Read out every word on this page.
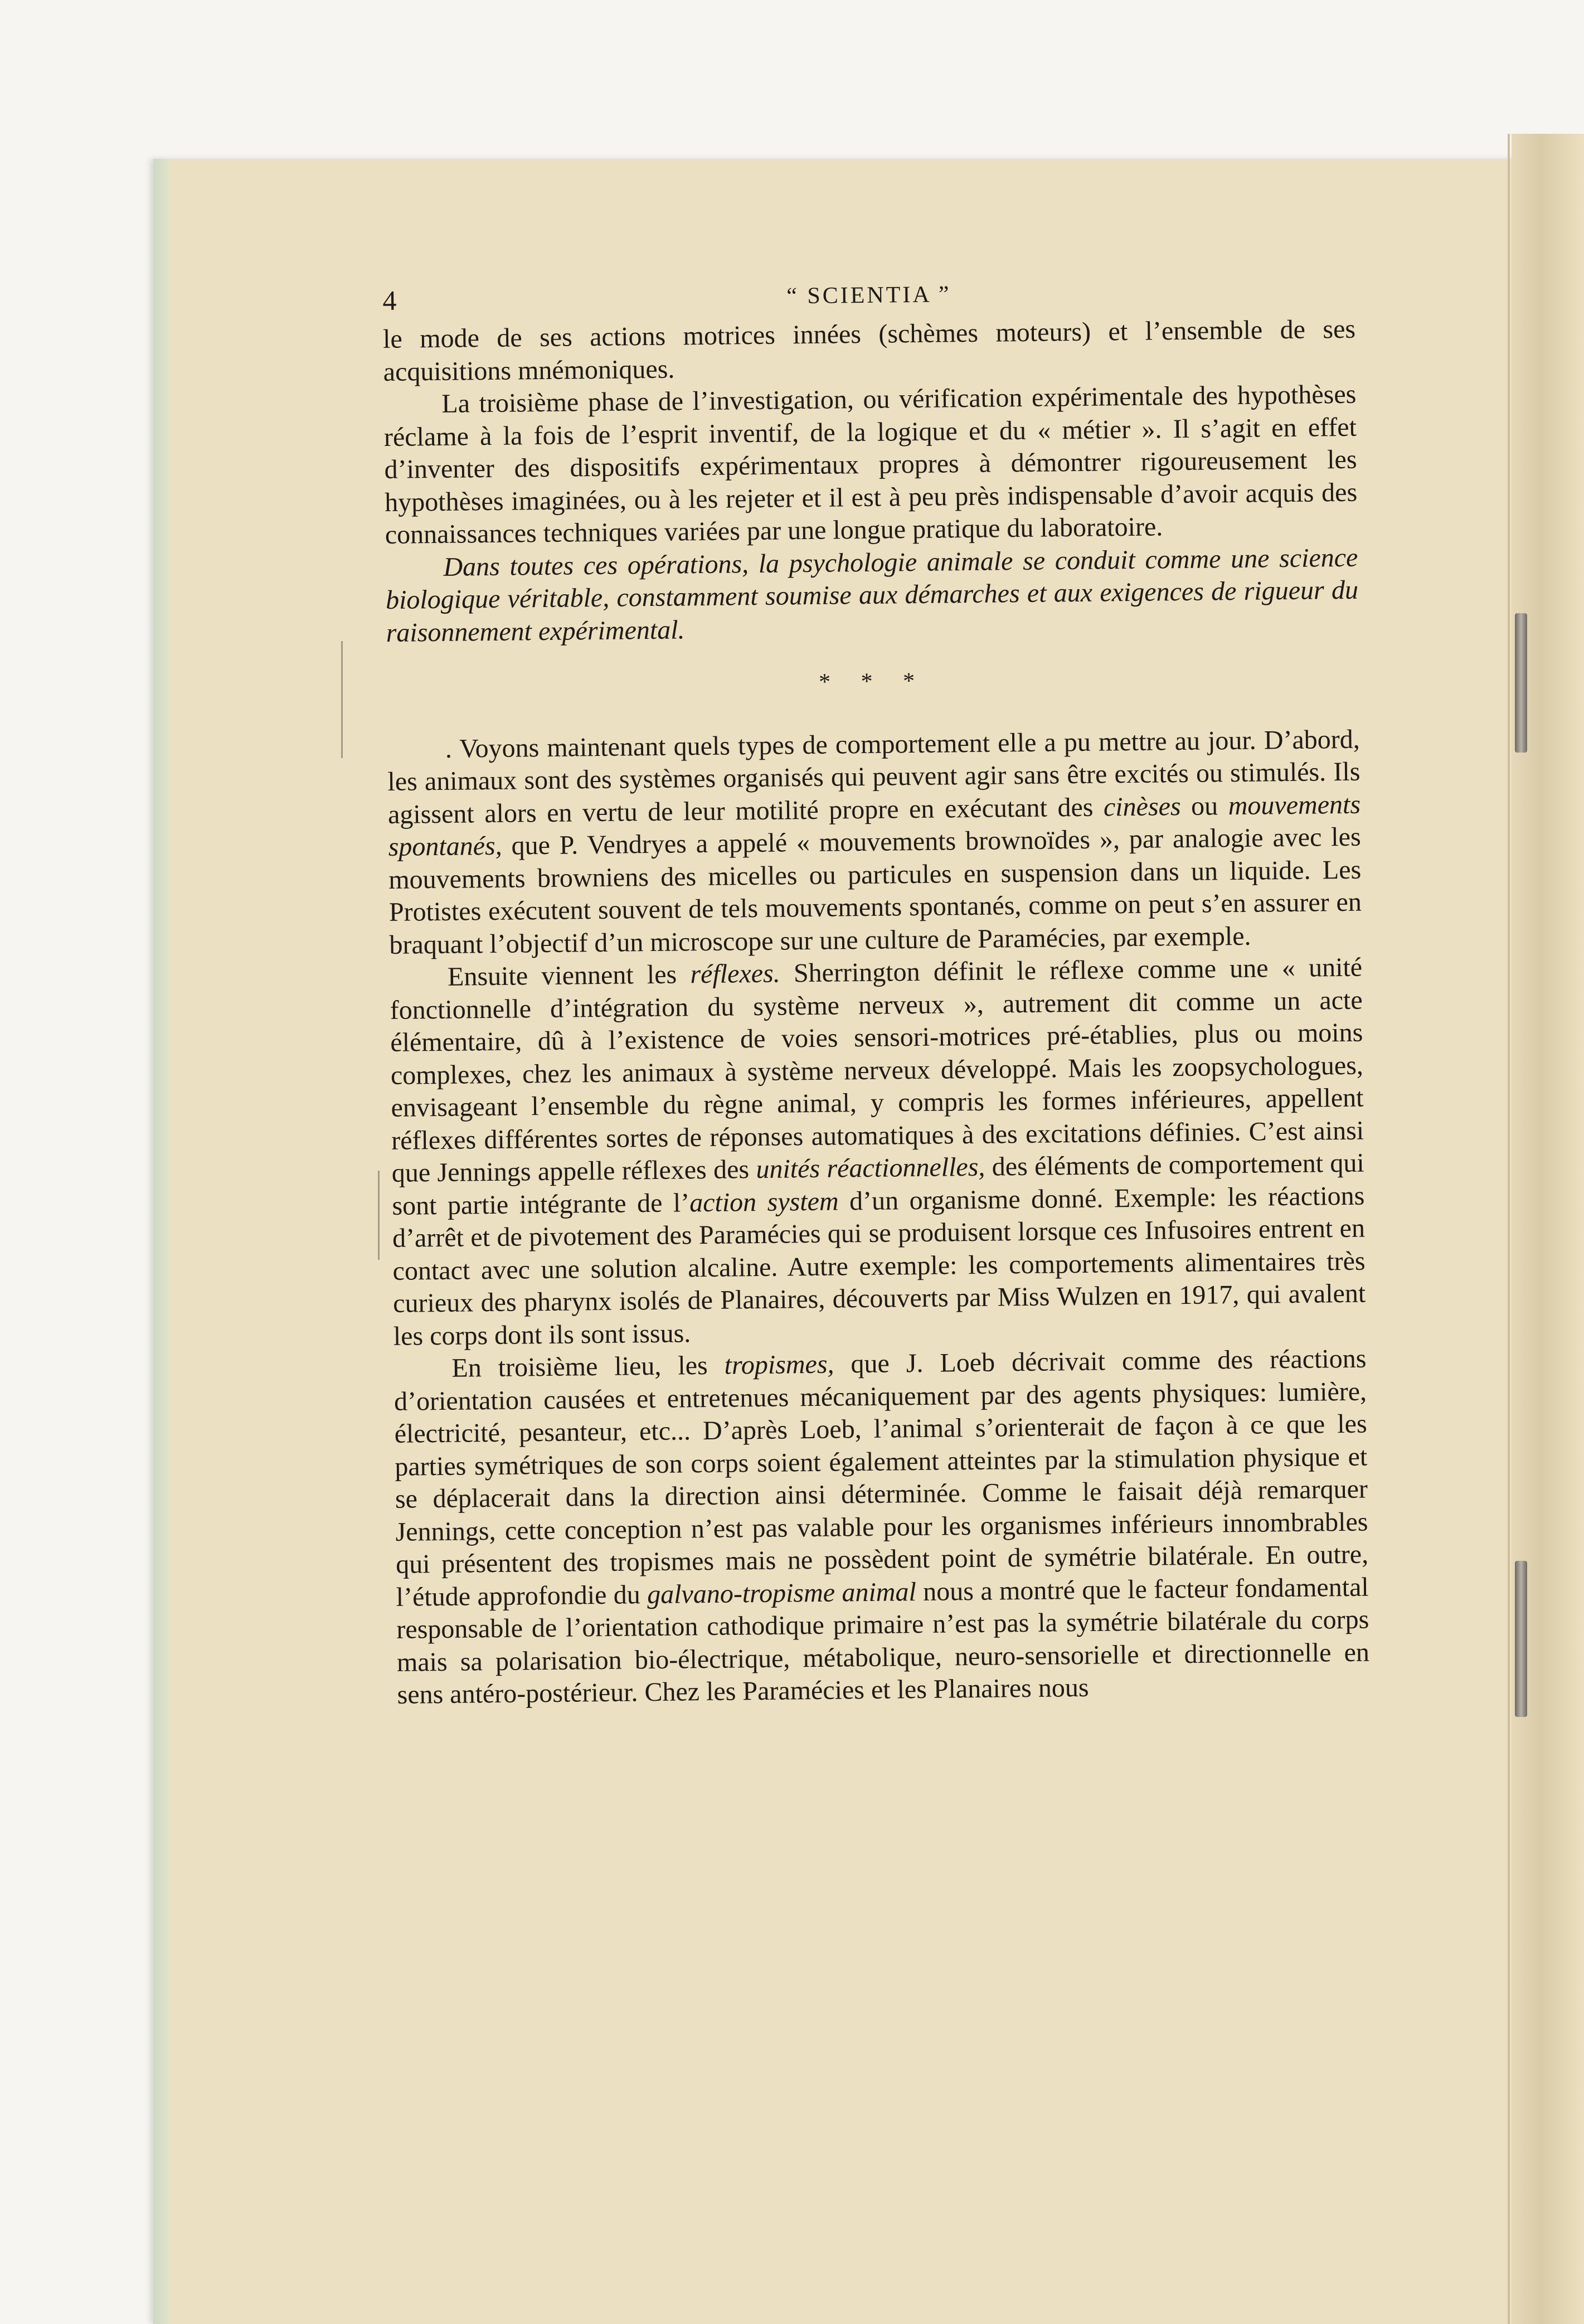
4	“ SCIENTIA ”

le mode de ses actions motrices innées (schèmes moteurs) et l’ensemble de ses acquisitions mnémoniques.

La troisième phase de l’investigation, ou vérification expérimentale des hypothèses réclame à la fois de l’esprit inventif, de la logique et du « métier ». Il s’agit en effet d’inventer des dispositifs expérimentaux propres à démontrer rigoureusement les hypothèses imaginées, ou à les rejeter et il est à peu près indispensable d’avoir acquis des connaissances techniques variées par une longue pratique du laboratoire.

Dans toutes ces opérations, la psychologie animale se conduit comme une science biologique véritable, constamment soumise aux démarches et aux exigences de rigueur du raisonnement expérimental.

* * *

. Voyons maintenant quels types de comportement elle a pu mettre au jour. D’abord, les animaux sont des systèmes organisés qui peuvent agir sans être excités ou stimulés. Ils agissent alors en vertu de leur motilité propre en exécutant des cinèses ou mouvements spontanés, que P. Vendryes a appelé « mouvements brownoïdes », par analogie avec les mouvements browniens des micelles ou particules en suspension dans un liquide. Les Protistes exécutent souvent de tels mouvements spontanés, comme on peut s’en assurer en braquant l’objectif d’un microscope sur une culture de Paramécies, par exemple.

Ensuite viennent les réflexes. Sherrington définit le réflexe comme une « unité fonctionnelle d’intégration du système nerveux », autrement dit comme un acte élémentaire, dû à l’existence de voies sensori-motrices pré-établies, plus ou moins complexes, chez les animaux à système nerveux développé. Mais les zoopsychologues, envisageant l’ensemble du règne animal, y compris les formes inférieures, appellent réflexes différentes sortes de réponses automatiques à des excitations définies. C’est ainsi que Jennings appelle réflexes des unités réactionnelles, des éléments de comportement qui sont partie intégrante de l’action system d’un organisme donné. Exemple: les réactions d’arrêt et de pivotement des Paramécies qui se produisent lorsque ces Infusoires entrent en contact avec une solution alcaline. Autre exemple: les comportements alimentaires très curieux des pharynx isolés de Planaires, découverts par Miss Wulzen en 1917, qui avalent les corps dont ils sont issus.

En troisième lieu, les tropismes, que J. Loeb décrivait comme des réactions d’orientation causées et entretenues mécaniquement par des agents physiques: lumière, électricité, pesanteur, etc... D’après Loeb, l’animal s’orienterait de façon à ce que les parties symétriques de son corps soient également atteintes par la stimulation physique et se déplacerait dans la direction ainsi déterminée. Comme le faisait déjà remarquer Jennings, cette conception n’est pas valable pour les organismes inférieurs innombrables qui présentent des tropismes mais ne possèdent point de symétrie bilatérale. En outre, l’étude approfondie du galvano-tropisme animal nous a montré que le facteur fondamental responsable de l’orientation cathodique primaire n’est pas la symétrie bilatérale du corps mais sa polarisation bio-électrique, métabolique, neuro-sensorielle et directionnelle en sens antéro-postérieur. Chez les Paramécies et les Planaires nous
